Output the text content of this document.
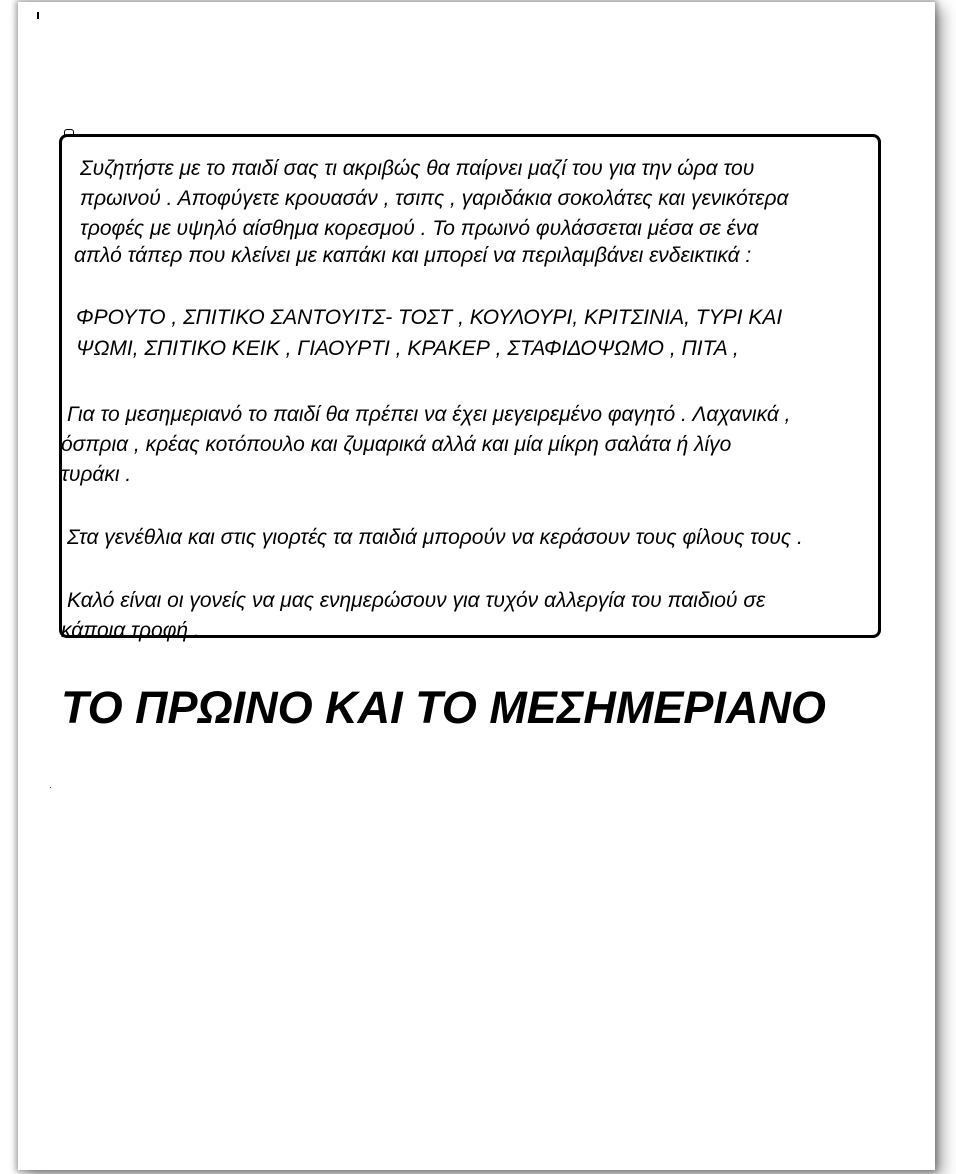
Συζητήστε με το παιδί σας τι ακριβώς θα παίρνει μαζί του για την ώρα του
πρωινού . Αποφύγετε κρουασάν , τσιπς , γαριδάκια σοκολάτες και γενικότερα
τροφές με υψηλό αίσθημα κορεσμού . Το πρωινό φυλάσσεται μέσα σε ένα
απλό τάπερ που κλείνει με καπάκι και μπορεί να περιλαμβάνει ενδεικτικά :
ΦΡΟΥΤΟ , ΣΠΙΤΙΚΟ ΣΑΝΤΟΥΙΤΣ- ΤΟΣΤ , ΚΟΥΛΟΥΡΙ, ΚΡΙΤΣΙΝΙΑ, ΤΥΡΙ ΚΑΙ
ΨΩΜΙ, ΣΠΙΤΙΚΟ ΚΕΙΚ , ΓΙΑΟΥΡΤΙ , ΚΡΑΚΕΡ , ΣΤΑΦΙΔΟΨΩΜΟ , ΠΙΤΑ ,
Για το μεσημεριανό το παιδί θα πρέπει να έχει μεγειρεμένο φαγητό . Λαχανικά ,
όσπρια , κρέας κοτόπουλο και ζυμαρικά αλλά και μία μίκρη σαλάτα ή λίγο
τυράκι .
Στα γενέθλια και στις γιορτές τα παιδιά μπορούν να κεράσουν τους φίλους τους .
Καλό είναι οι γονείς να μας ενημερώσουν για τυχόν αλλεργία του παιδιού σε
κάποια τροφή .
ΤΟ ΠΡΩΙΝΟ ΚΑΙ ΤΟ ΜΕΣΗΜΕΡΙΑΝΟ
